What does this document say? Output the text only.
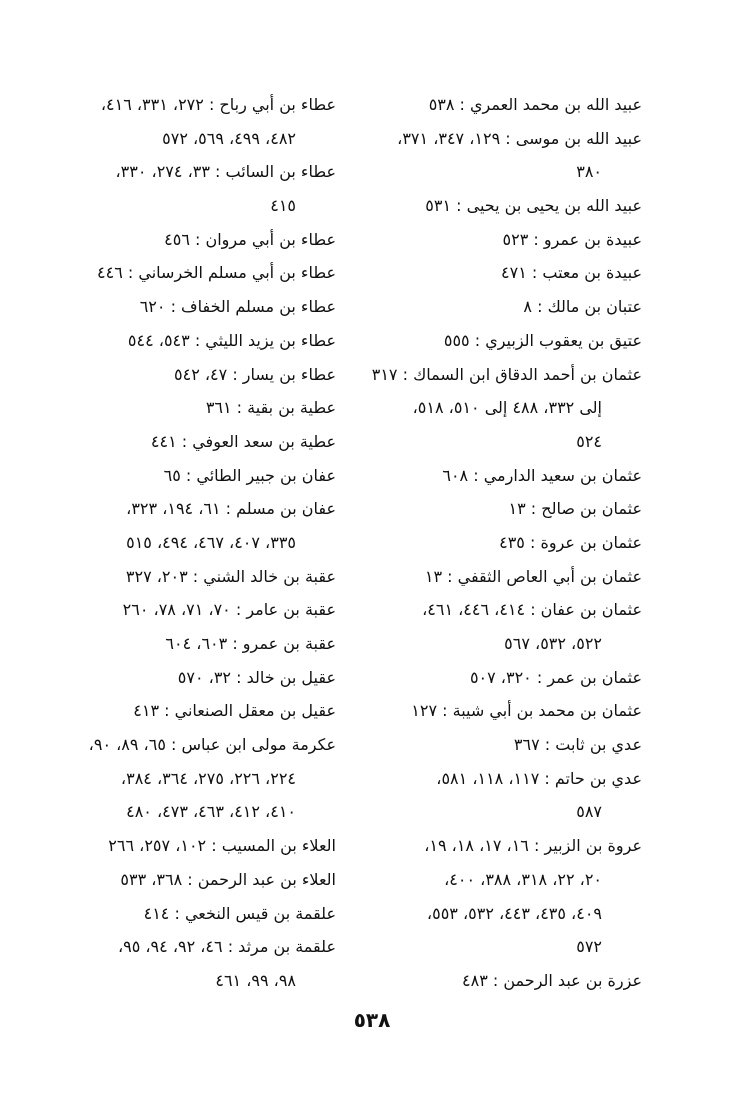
عبيد الله بن محمد العمري : ٥٣٨
عبيد الله بن موسى : ١٢٩، ٣٤٧، ٣٧١،
٣٨٠
عبيد الله بن يحيى بن يحيى : ٥٣١
عبيدة بن عمرو : ٥٢٣
عبيدة بن معتب : ٤٧١
عتبان بن مالك : ٨
عتيق بن يعقوب الزبيري : ٥٥٥
عثمان بن أحمد الدقاق ابن السماك : ٣١٧
إلى ٣٣٢، ٤٨٨ إلى ٥١٠، ٥١٨،
٥٢٤
عثمان بن سعيد الدارمي : ٦٠٨
عثمان بن صالح : ١٣
عثمان بن عروة : ٤٣٥
عثمان بن أبي العاص الثقفي : ١٣
عثمان بن عفان : ٤١٤، ٤٤٦، ٤٦١،
٥٢٢، ٥٣٢، ٥٦٧
عثمان بن عمر : ٣٢٠، ٥٠٧
عثمان بن محمد بن أبي شيبة : ١٢٧
عدي بن ثابت : ٣٦٧
عدي بن حاتم : ١١٧، ١١٨، ٥٨١،
٥٨٧
عروة بن الزبير : ١٦، ١٧، ١٨، ١٩،
٢٠، ٢٢، ٣١٨، ٣٨٨، ٤٠٠،
٤٠٩، ٤٣٥، ٤٤٣، ٥٣٢، ٥٥٣،
٥٧٢
عزرة بن عبد الرحمن : ٤٨٣
عطاء بن أبي رباح : ٢٧٢، ٣٣١، ٤١٦،
٤٨٢، ٤٩٩، ٥٦٩، ٥٧٢
عطاء بن السائب : ٣٣، ٢٧٤، ٣٣٠،
٤١٥
عطاء بن أبي مروان : ٤٥٦
عطاء بن أبي مسلم الخرساني : ٤٤٦
عطاء بن مسلم الخفاف : ٦٢٠
عطاء بن يزيد الليثي : ٥٤٣، ٥٤٤
عطاء بن يسار : ٤٧، ٥٤٢
عطية بن بقية : ٣٦١
عطية بن سعد العوفي : ٤٤١
عفان بن جبير الطائي : ٦٥
عفان بن مسلم : ٦١، ١٩٤، ٣٢٣،
٣٣٥، ٤٠٧، ٤٦٧، ٤٩٤، ٥١٥
عقبة بن خالد الشني : ٢٠٣، ٣٢٧
عقبة بن عامر : ٧٠، ٧١، ٧٨، ٢٦٠
عقبة بن عمرو : ٦٠٣، ٦٠٤
عقيل بن خالد : ٣٢، ٥٧٠
عقيل بن معقل الصنعاني : ٤١٣
عكرمة مولى ابن عباس : ٦٥، ٨٩، ٩٠،
٢٢٤، ٢٢٦، ٢٧٥، ٣٦٤، ٣٨٤،
٤١٠، ٤١٢، ٤٦٣، ٤٧٣، ٤٨٠
العلاء بن المسيب : ١٠٢، ٢٥٧، ٢٦٦
العلاء بن عبد الرحمن : ٣٦٨، ٥٣٣
علقمة بن قيس النخعي : ٤١٤
علقمة بن مرثد : ٤٦، ٩٢، ٩٤، ٩٥،
٩٨، ٩٩، ٤٦١
٥٣٨
